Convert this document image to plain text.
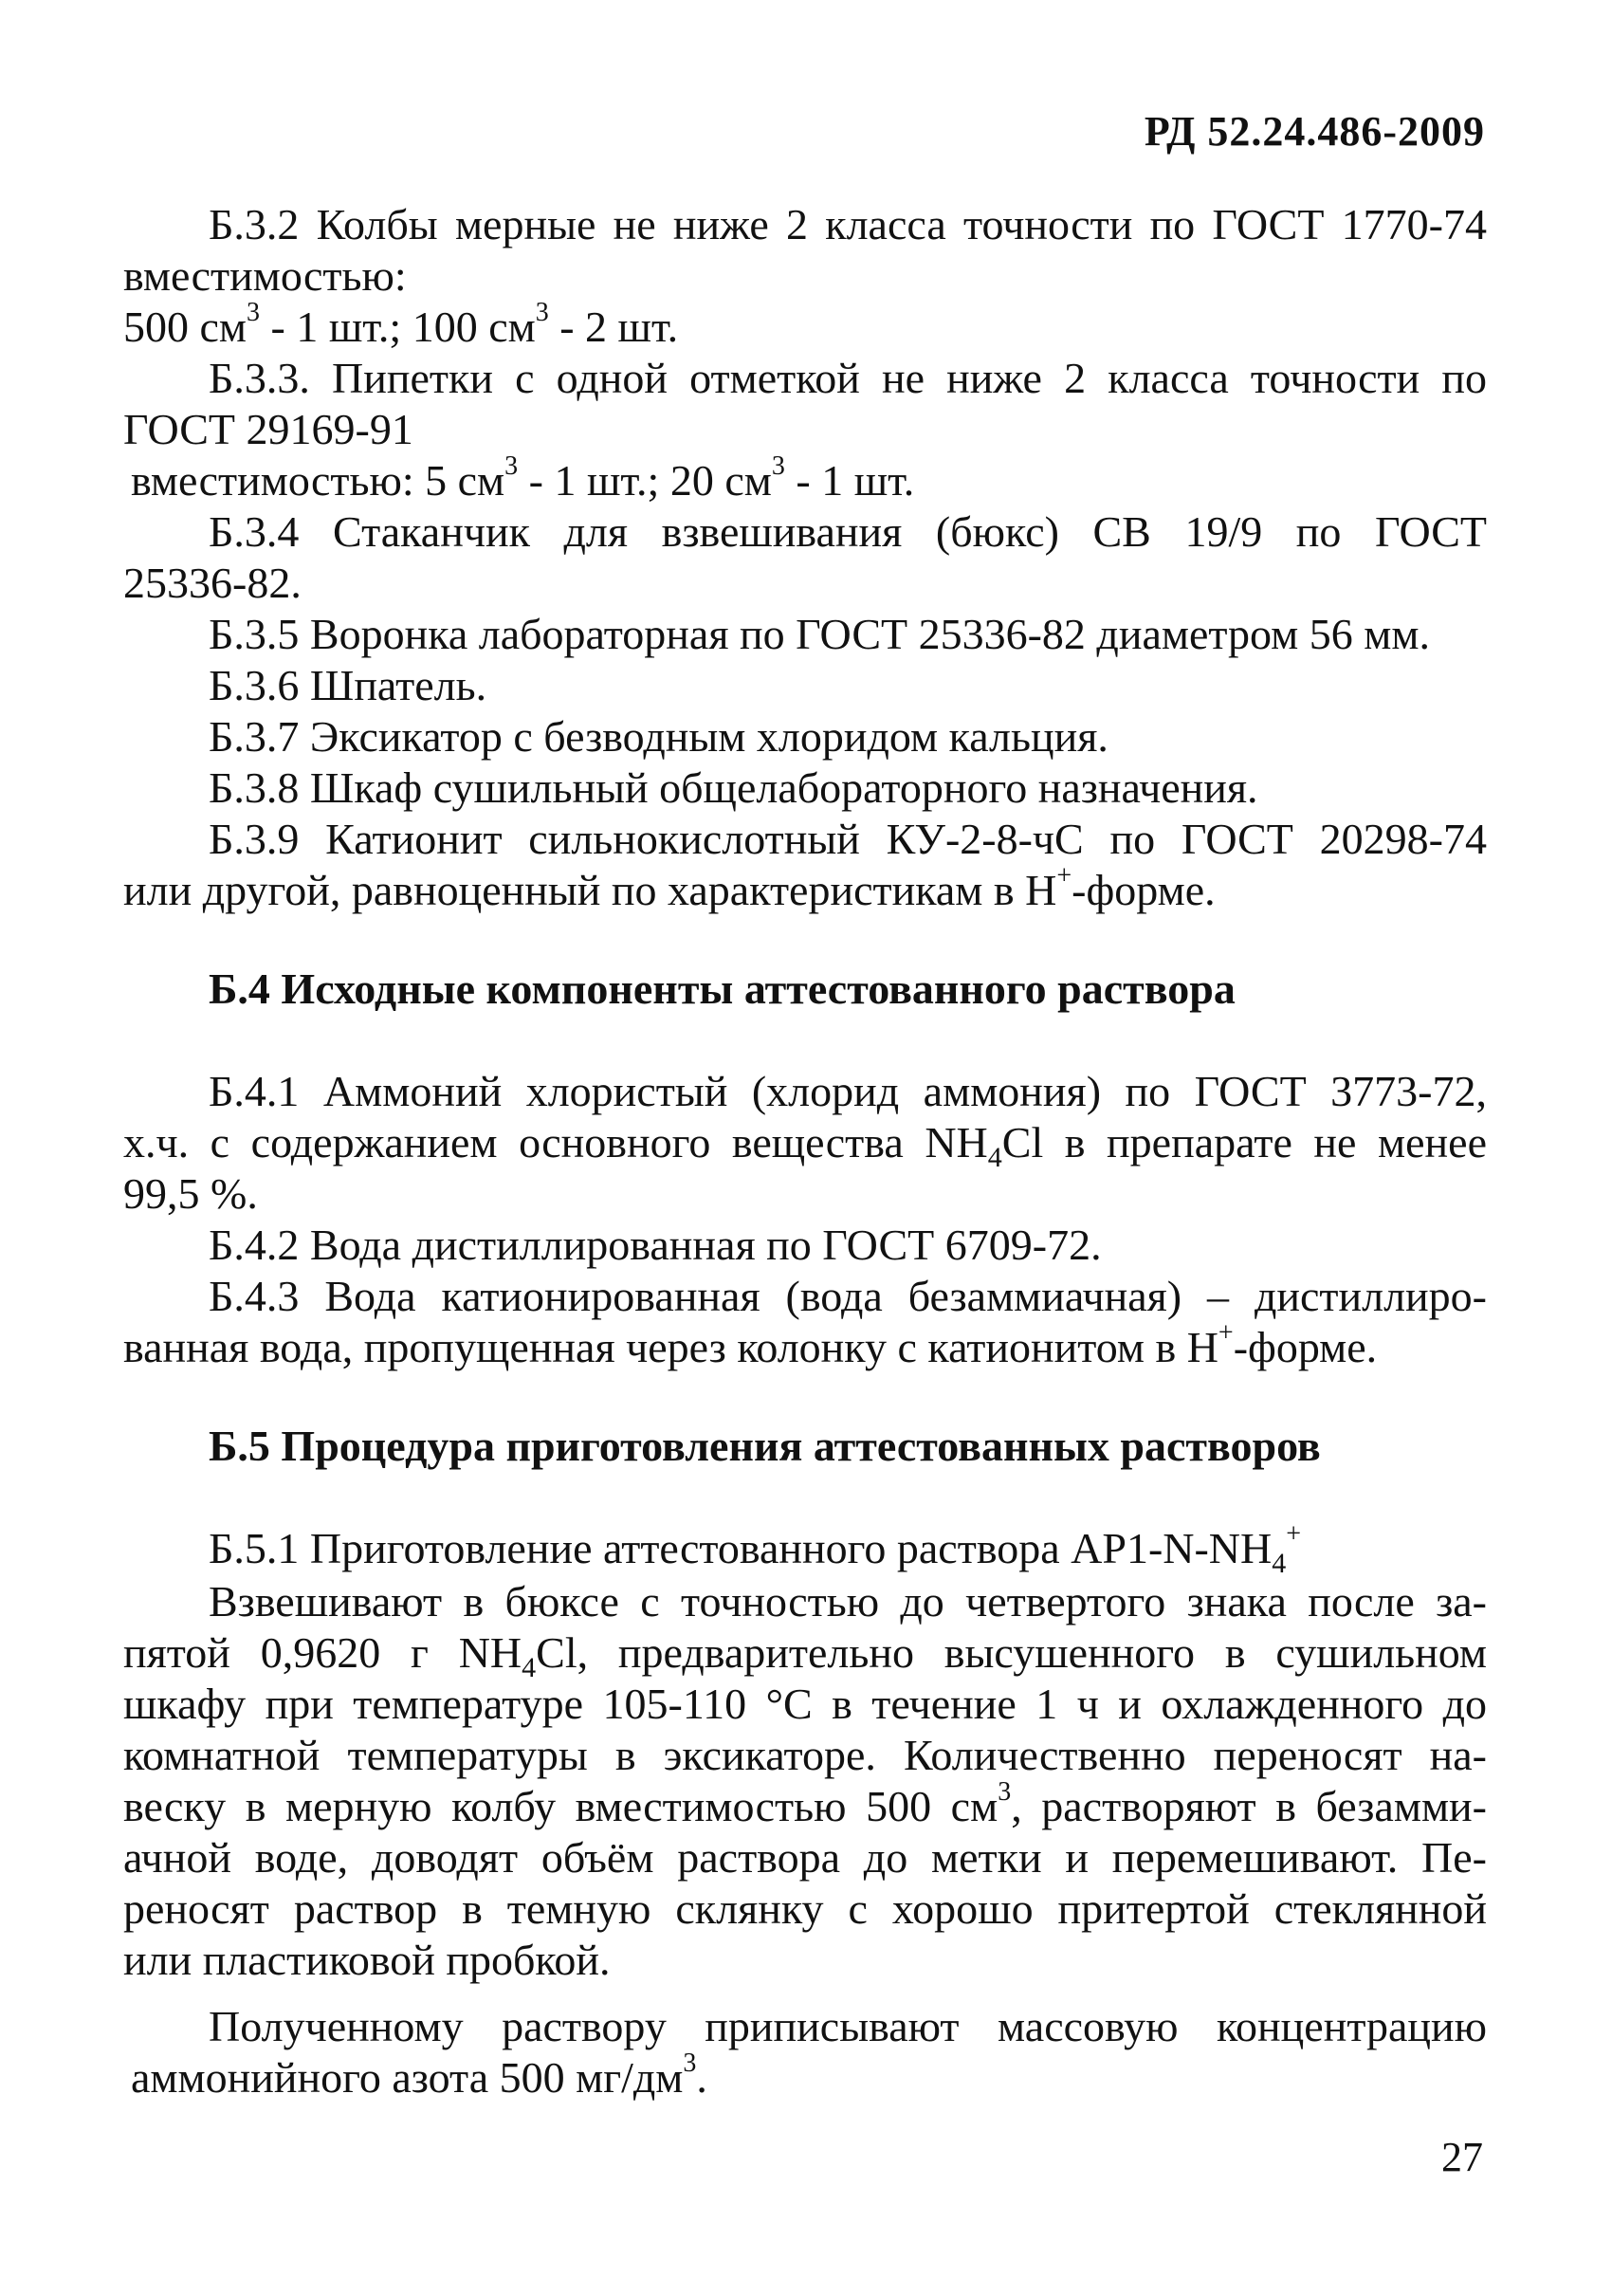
РД 52.24.486-2009
Б.3.2 Колбы мерные не ниже 2 класса точности по ГОСТ 1770-74
вместимостью:
500 $см^3 - 1$ шт.; 100 $см^3 - 2$ шт.
Б.3.3. Пипетки с одной отметкой не ниже 2 класса точности по
ГОСТ 29169-91
вместимостью: 5 $см^3 - 1$ шт.; 20 $см^3 - 1$ шт.
Б.3.4 Стаканчик для взвешивания (бюкс) СВ 19/9 по ГОСТ
25336-82.
Б.3.5 Воронка лабораторная по ГОСТ 25336-82 диаметром 56 мм.
Б.3.6 Шпатель.
Б.3.7 Эксикатор с безводным хлоридом кальция.
Б.3.8 Шкаф сушильный общелабораторного назначения.
Б.3.9 Катионит сильнокислотный КУ-2-8-чС по ГОСТ 20298-74
или другой, равноценный по характеристикам в Н+-форме.
Б.4 Исходные компоненты аттестованного раствора
Б.4.1 Аммоний хлористый (хлорид аммония) по ГОСТ 3773-72,
х.ч. с содержанием основного вещества $NH_4Cl$ в препарате не менее
99,5 %.
Б.4.2 Вода дистиллированная по ГОСТ 6709-72.
Б.4.3 Вода катионированная (вода безаммиачная) – дистиллиро-
ванная вода, пропущенная через колонку с катионитом в Н+-форме.
Б.5 Процедура приготовления аттестованных растворов
Б.5.1 Приготовление аттестованного раствора $АР1-N-NH_4^+$
Взвешивают в бюксе с точностью до четвертого знака после за-
пятой 0,9620 г $NH_4Cl$, предварительно высушенного в сушильном
шкафу при температуре 105-110 °С в течение 1 ч и охлажденного до
комнатной температуры в эксикаторе. Количественно переносят на-
веску в мерную колбу вместимостью 500 $см^3$, растворяют в безамми-
ачной воде, доводят объём раствора до метки и перемешивают. Пе-
реносят раствор в темную склянку с хорошо притертой стеклянной
или пластиковой пробкой.
Полученному раствору приписывают массовую концентрацию
аммонийного азота 500 $мг/дм^3$.
27
